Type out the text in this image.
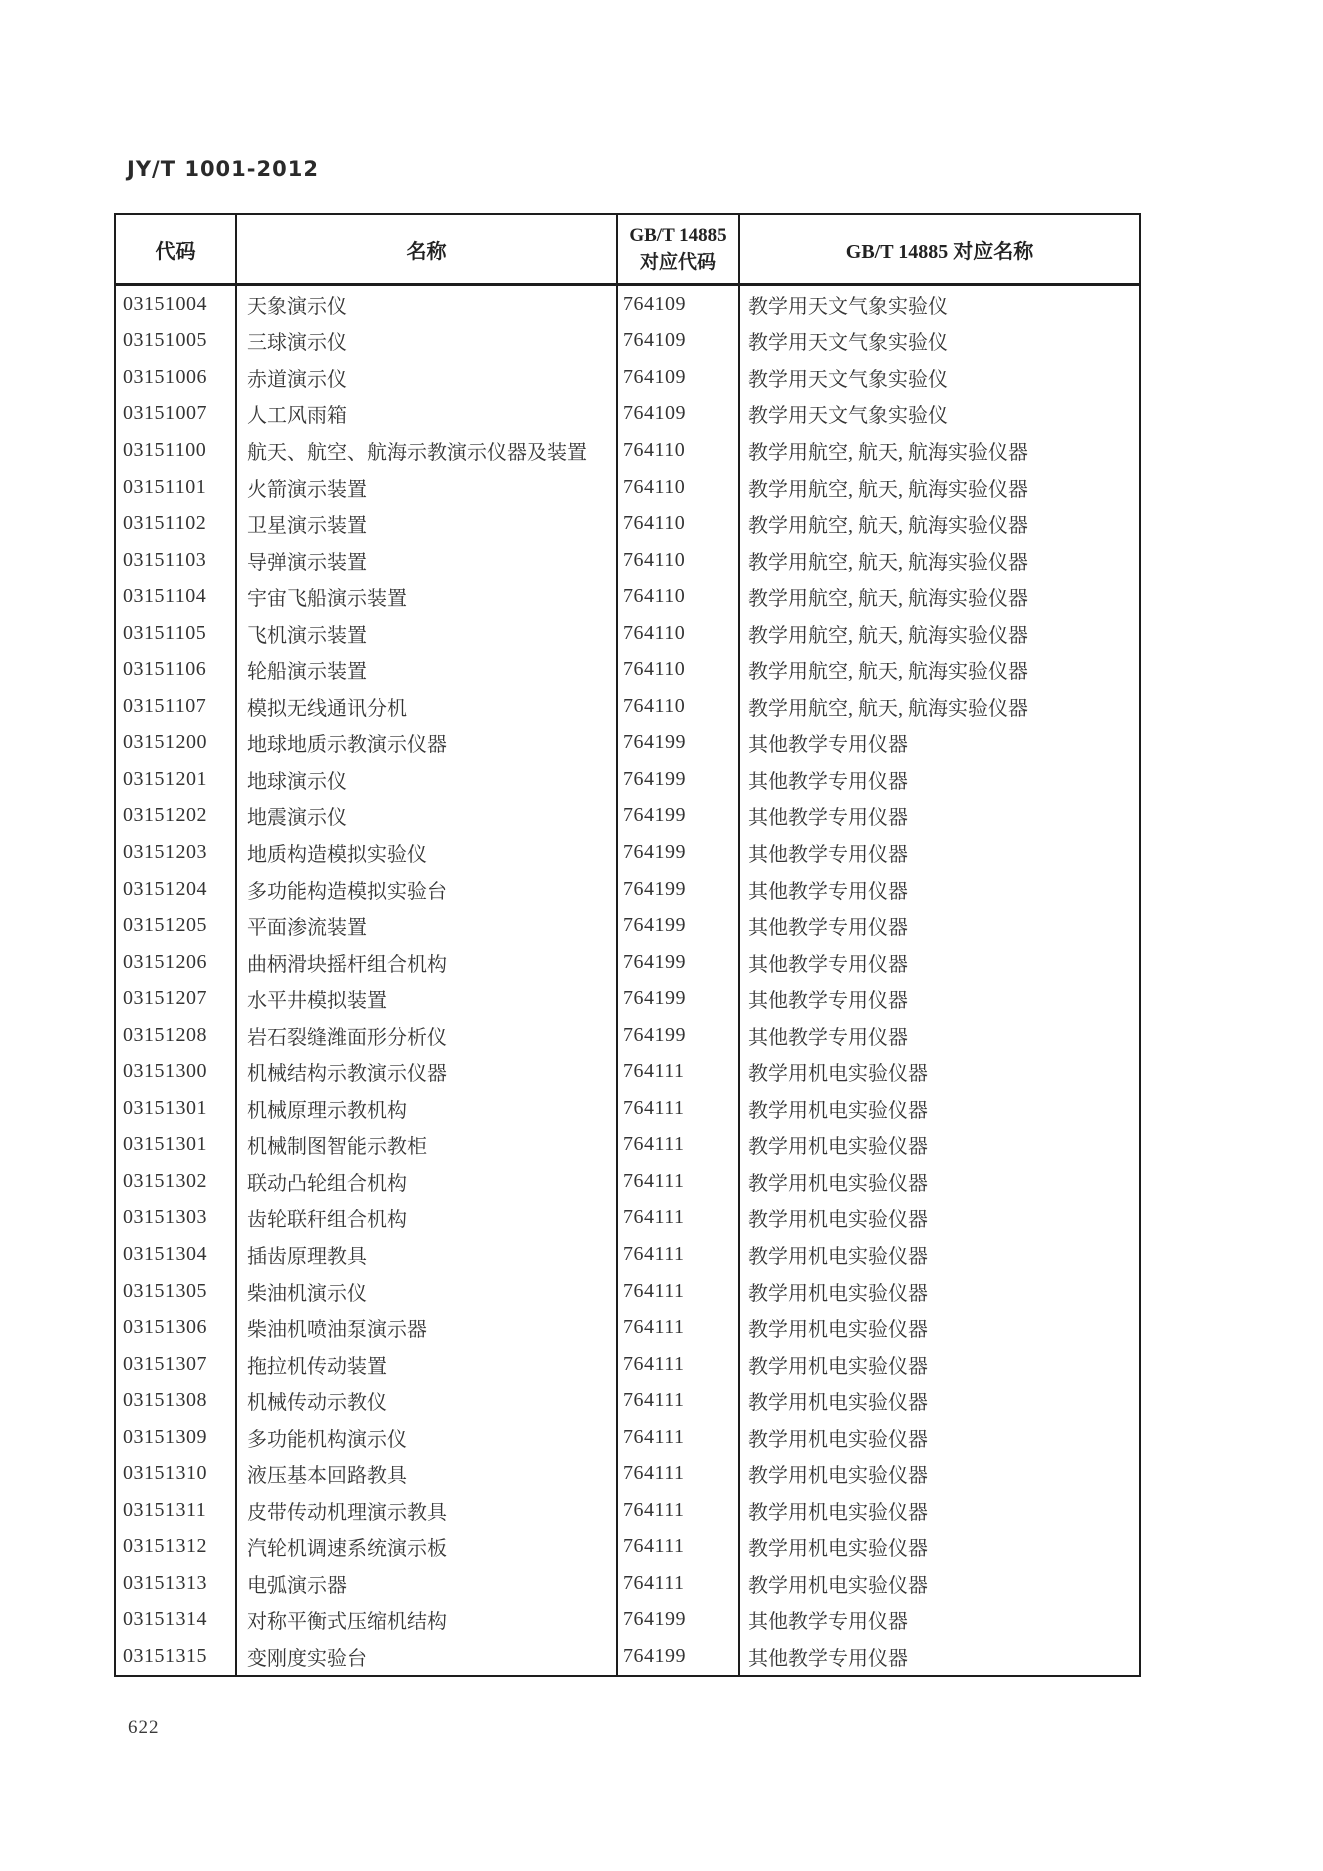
JY/T 1001-2012
代码	名称
GB/T 14885
对应代码	GB/T 14885 对应名称
03151004	天象演示仪	764109	教学用天文气象实验仪
03151005	三球演示仪	764109	教学用天文气象实验仪
03151006	赤道演示仪	764109	教学用天文气象实验仪
03151007	人工风雨箱	764109	教学用天文气象实验仪
03151100	航天、航空、航海示教演示仪器及装置	764110	教学用航空, 航天, 航海实验仪器
03151101	火箭演示装置	764110	教学用航空, 航天, 航海实验仪器
03151102	卫星演示装置	764110	教学用航空, 航天, 航海实验仪器
03151103	导弹演示装置	764110	教学用航空, 航天, 航海实验仪器
03151104	宇宙飞船演示装置	764110	教学用航空, 航天, 航海实验仪器
03151105	飞机演示装置	764110	教学用航空, 航天, 航海实验仪器
03151106	轮船演示装置	764110	教学用航空, 航天, 航海实验仪器
03151107	模拟无线通讯分机	764110	教学用航空, 航天, 航海实验仪器
03151200	地球地质示教演示仪器	764199	其他教学专用仪器
03151201	地球演示仪	764199	其他教学专用仪器
03151202	地震演示仪	764199	其他教学专用仪器
03151203	地质构造模拟实验仪	764199	其他教学专用仪器
03151204	多功能构造模拟实验台	764199	其他教学专用仪器
03151205	平面渗流装置	764199	其他教学专用仪器
03151206	曲柄滑块摇杆组合机构	764199	其他教学专用仪器
03151207	水平井模拟装置	764199	其他教学专用仪器
03151208	岩石裂缝潍面形分析仪	764199	其他教学专用仪器
03151300	机械结构示教演示仪器	764111	教学用机电实验仪器
03151301	机械原理示教机构	764111	教学用机电实验仪器
03151301	机械制图智能示教柜	764111	教学用机电实验仪器
03151302	联动凸轮组合机构	764111	教学用机电实验仪器
03151303	齿轮联秆组合机构	764111	教学用机电实验仪器
03151304	插齿原理教具	764111	教学用机电实验仪器
03151305	柴油机演示仪	764111	教学用机电实验仪器
03151306	柴油机喷油泵演示器	764111	教学用机电实验仪器
03151307	拖拉机传动装置	764111	教学用机电实验仪器
03151308	机械传动示教仪	764111	教学用机电实验仪器
03151309	多功能机构演示仪	764111	教学用机电实验仪器
03151310	液压基本回路教具	764111	教学用机电实验仪器
03151311	皮带传动机理演示教具	764111	教学用机电实验仪器
03151312	汽轮机调速系统演示板	764111	教学用机电实验仪器
03151313	电弧演示器	764111	教学用机电实验仪器
03151314	对称平衡式压缩机结构	764199	其他教学专用仪器
03151315	变刚度实验台	764199	其他教学专用仪器
622
